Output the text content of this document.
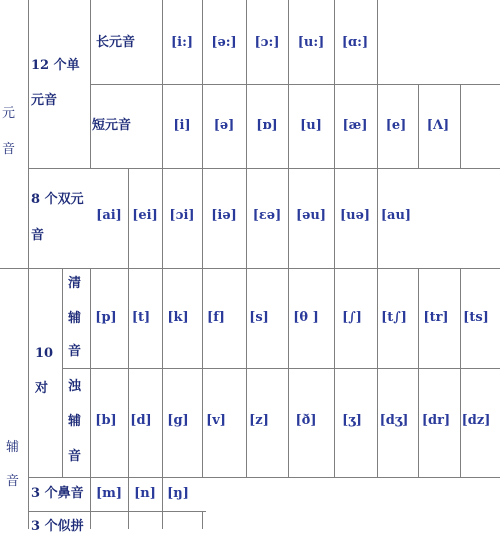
元
音
12 个单
元音
长元音	[i:] [ə:] [ɔ:] [u:] [ɑ:]
短元音	[i] [ə] [ɒ] [u] [æ] [e] [Λ]
8 个双元
音
[ai] [ei] [ɔi] [iə] [εə] [əu] [uə] [au]
辅
音
10
对
清
辅
音
[p] [t] [k] [f] [s] [θ ] [∫] [t∫] [tr] [ts]
浊
辅
音
[b] [d] [g] [v] [z] [ð] [ʒ] [dʒ] [dr] [dz]
3 个鼻音 [m] [n] [ŋ]
3 个似拼
